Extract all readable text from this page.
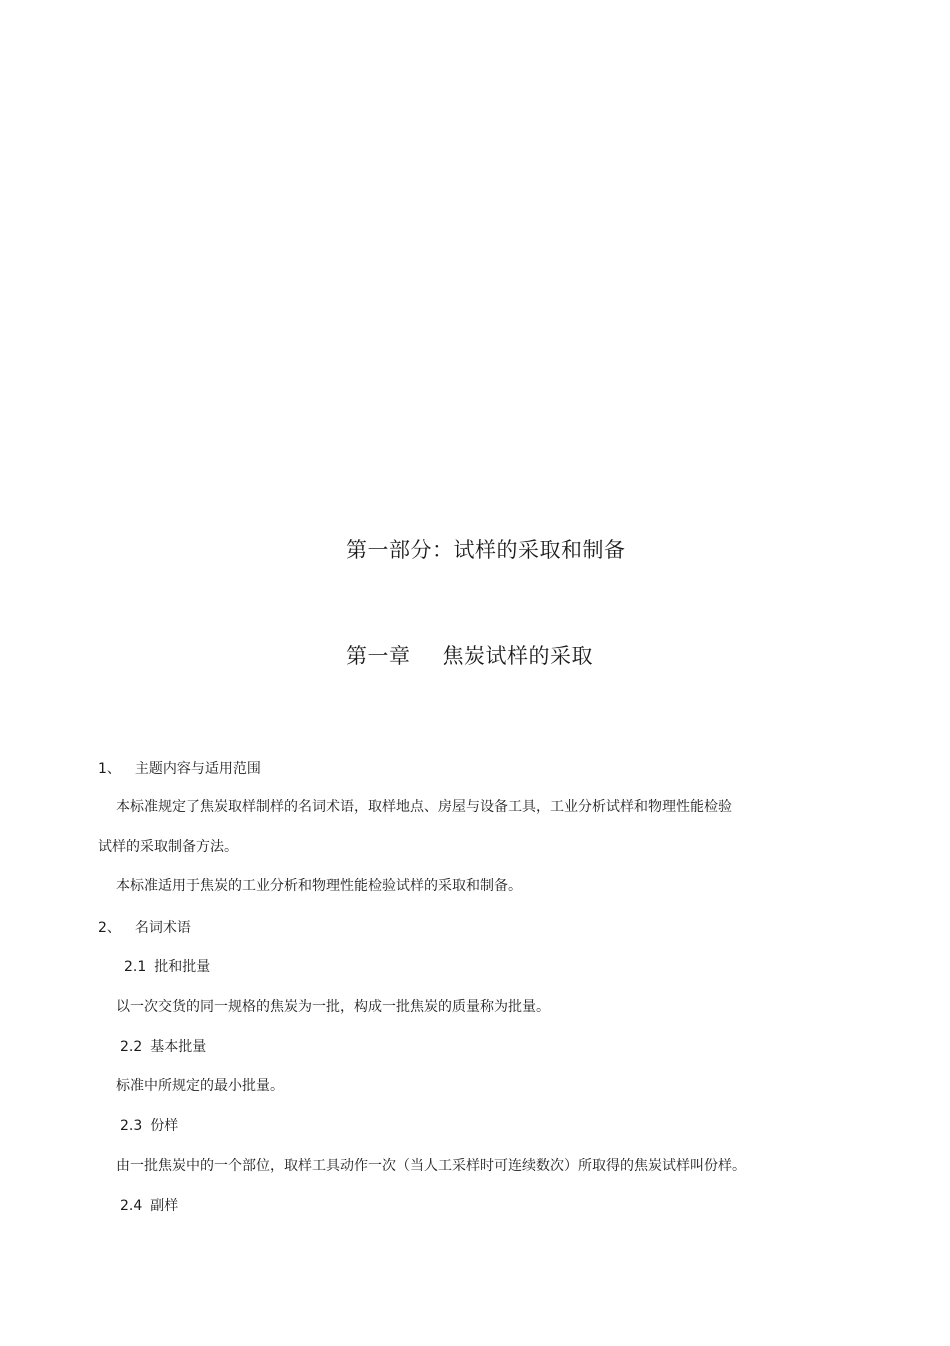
第一部分：试样的采取和制备
第一章 焦炭试样的采取
1、 主题内容与适用范围
本标准规定了焦炭取样制样的名词术语，取样地点、房屋与设备工具，工业分析试样和物理性能检验
试样的采取制备方法。
本标准适用于焦炭的工业分析和物理性能检验试样的采取和制备。
2、 名词术语
2.1 批和批量
以一次交货的同一规格的焦炭为一批，构成一批焦炭的质量称为批量。
2.2 基本批量
标准中所规定的最小批量。
2.3 份样
由一批焦炭中的一个部位，取样工具动作一次（当人工采样时可连续数次）所取得的焦炭试样叫份样。
2.4 副样
